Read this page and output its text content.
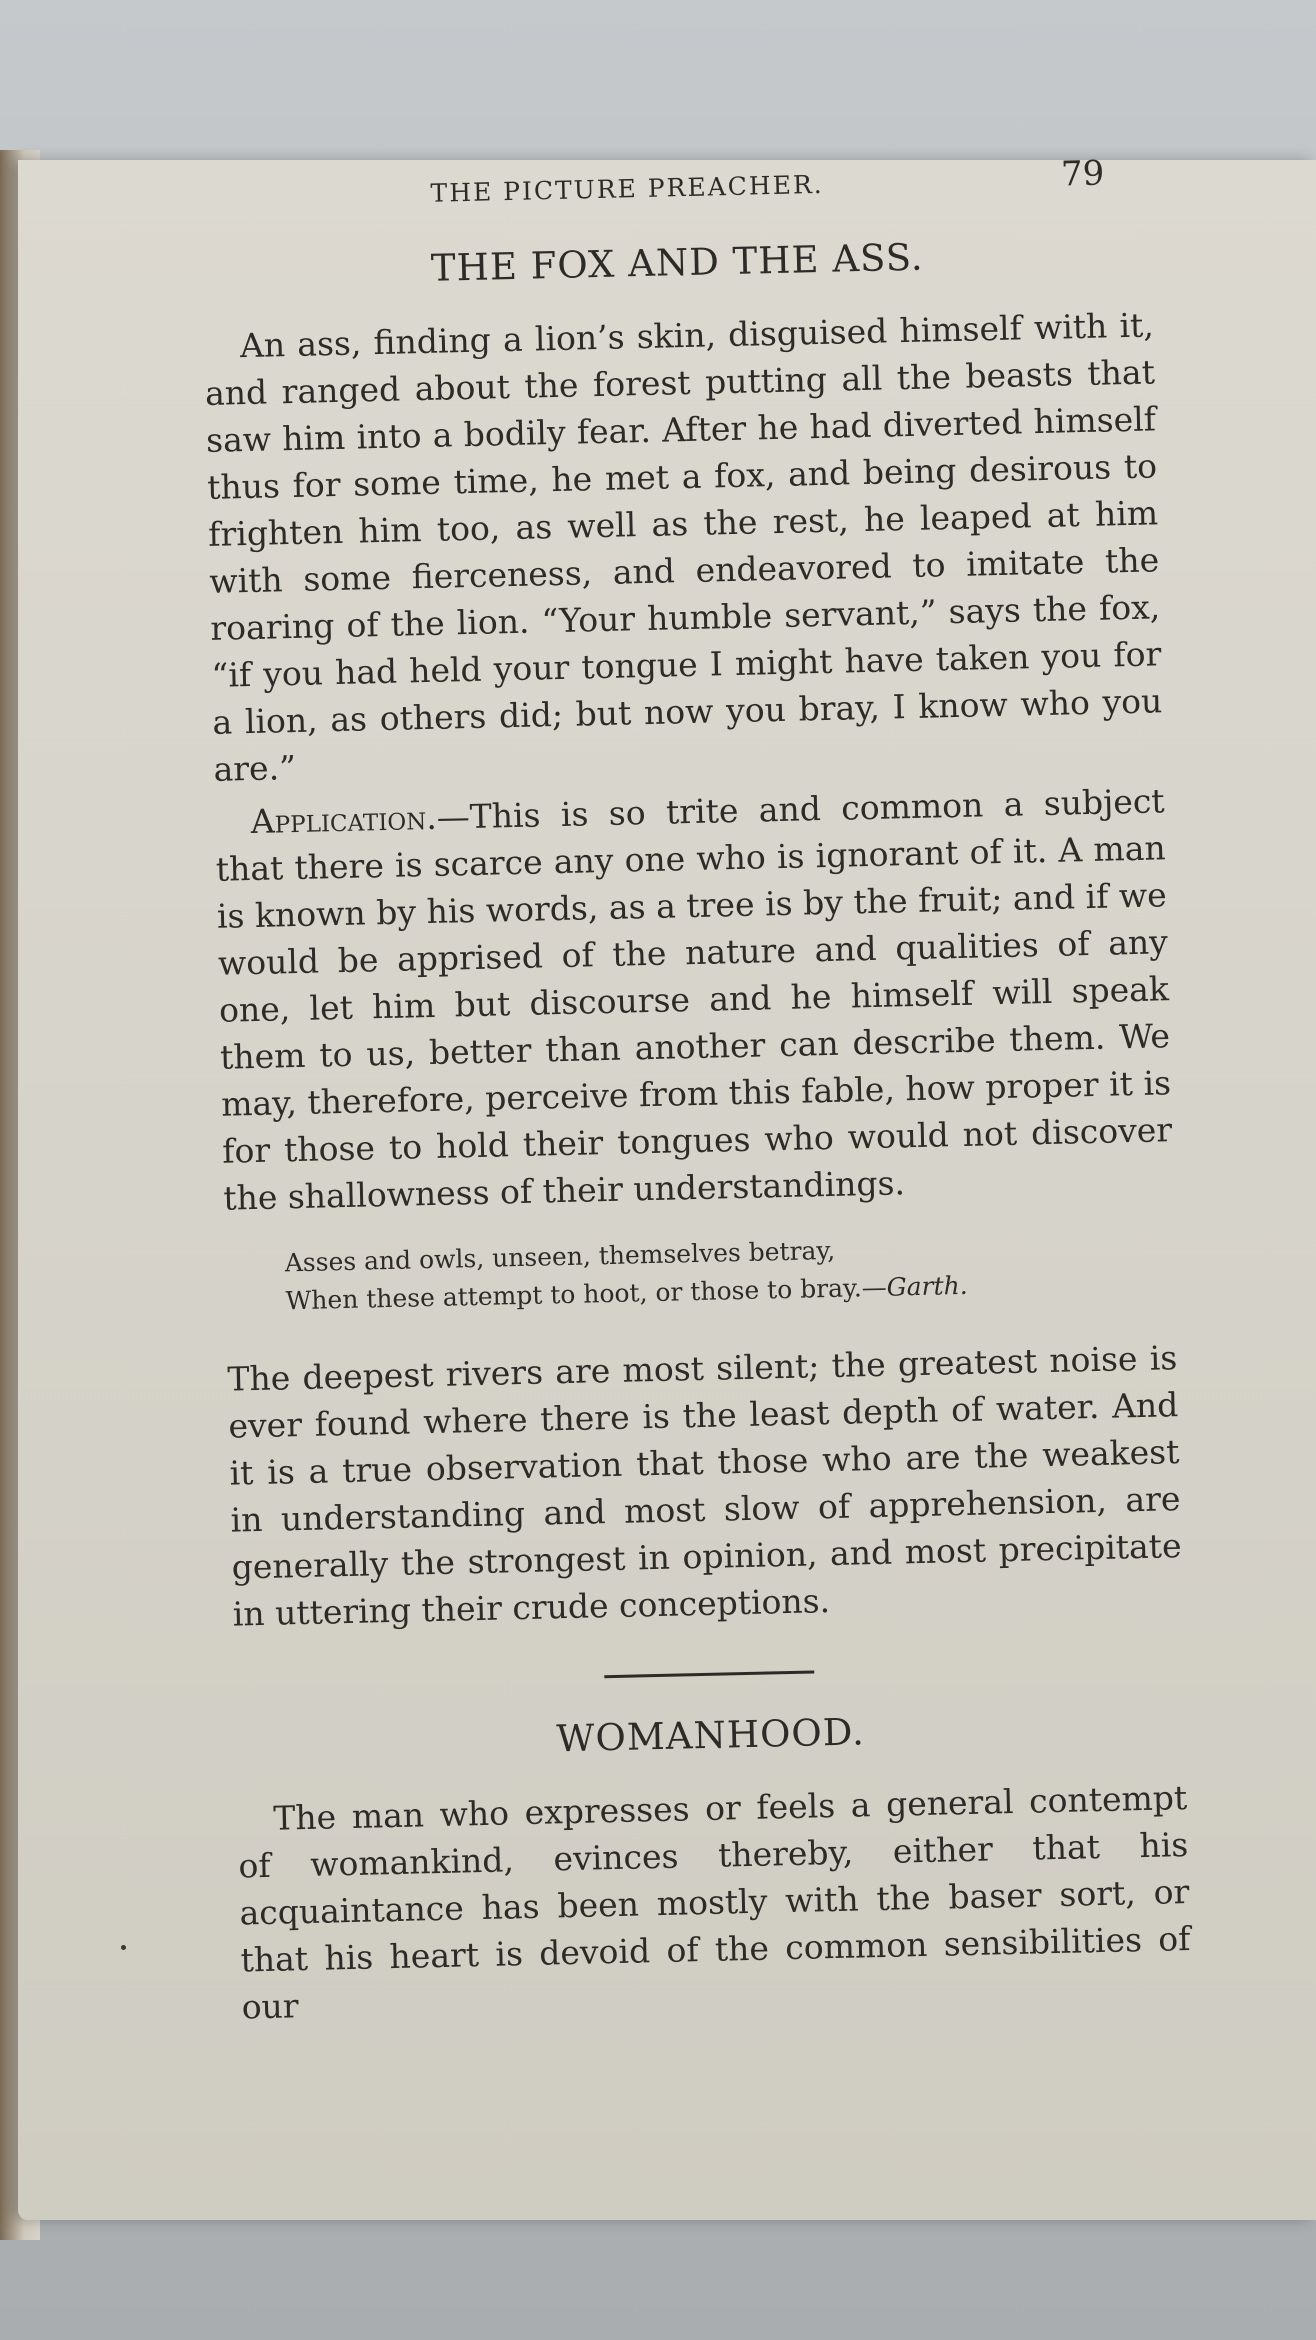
THE PICTURE PREACHER.	79
THE FOX AND THE ASS.

An ass, finding a lion’s skin, disguised himself with it, and ranged about the forest putting all the beasts that saw him into a bodily fear. After he had diverted himself thus for some time, he met a fox, and being desirous to frighten him too, as well as the rest, he leaped at him with some fierceness, and endeavored to imitate the roaring of the lion. “Your humble servant,” says the fox, “if you had held your tongue I might have taken you for a lion, as others did; but now you bray, I know who you are.”

Application.—This is so trite and common a subject that there is scarce any one who is ignorant of it. A man is known by his words, as a tree is by the fruit; and if we would be apprised of the nature and qualities of any one, let him but discourse and he himself will speak them to us, better than another can describe them. We may, therefore, perceive from this fable, how proper it is for those to hold their tongues who would not discover the shallowness of their understandings.

Asses and owls, unseen, themselves betray,
When these attempt to hoot, or those to bray.—Garth.

The deepest rivers are most silent; the greatest noise is ever found where there is the least depth of water. And it is a true observation that those who are the weakest in understanding and most slow of apprehension, are generally the strongest in opinion, and most precipitate in uttering their crude conceptions.

WOMANHOOD.

The man who expresses or feels a general contempt of womankind, evinces thereby, either that his acquaintance has been mostly with the baser sort, or that his heart is devoid of the common sensibilities of our
